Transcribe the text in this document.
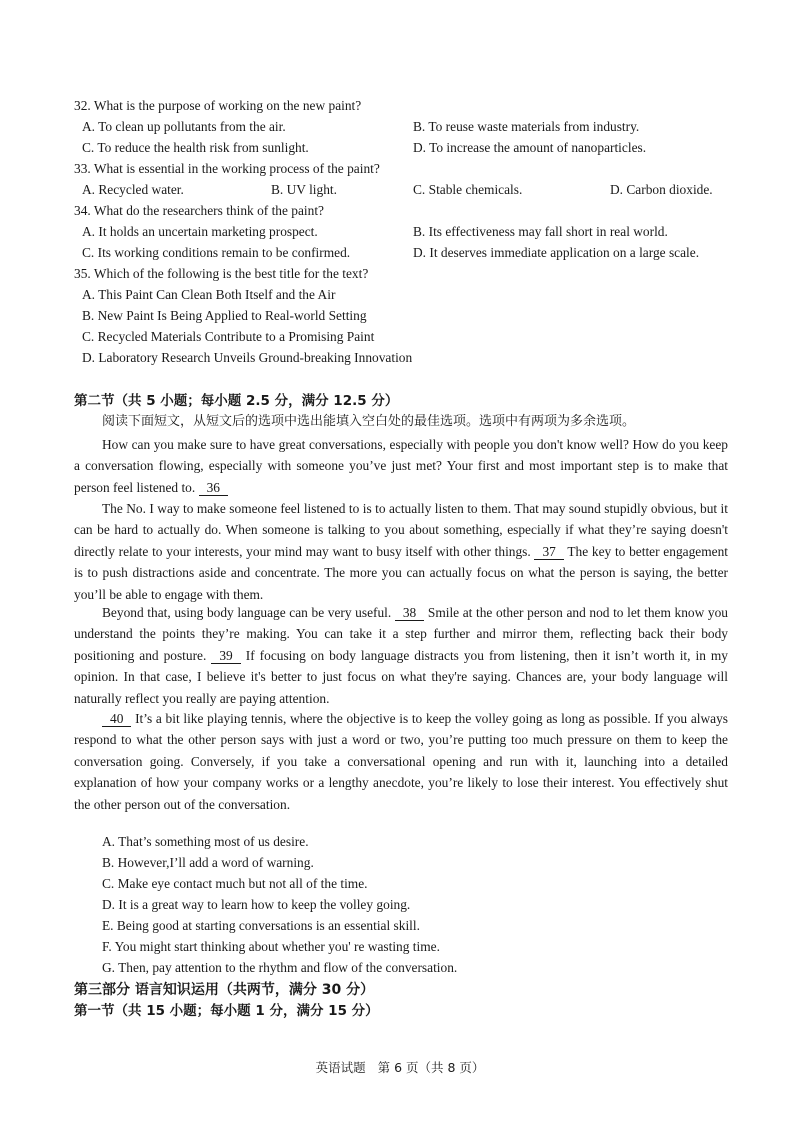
32. What is the purpose of working on the new paint?
A. To clean up pollutants from the air.	B. To reuse waste materials from industry.
C. To reduce the health risk from sunlight.	D. To increase the amount of nanoparticles.
33. What is essential in the working process of the paint?
A. Recycled water.	B. UV light.	C. Stable chemicals.	D. Carbon dioxide.
34. What do the researchers think of the paint?
A. It holds an uncertain marketing prospect.	B. Its effectiveness may fall short in real world.
C. Its working conditions remain to be confirmed.	D. It deserves immediate application on a large scale.
35. Which of the following is the best title for the text?
A. This Paint Can Clean Both Itself and the Air
B. New Paint Is Being Applied to Real-world Setting
C. Recycled Materials Contribute to a Promising Paint
D. Laboratory Research Unveils Ground-breaking Innovation
第二节（共 5 小题；每小题 2.5 分，满分 12.5 分）
阅读下面短文，从短文后的选项中选出能填入空白处的最佳选项。选项中有两项为多余选项。
How can you make sure to have great conversations, especially with people you don't know well? How do you keep a conversation flowing, especially with someone you’ve just met? Your first and most important step is to make that person feel listened to. 36
The No. I way to make someone feel listened to is to actually listen to them. That may sound stupidly obvious, but it can be hard to actually do. When someone is talking to you about something, especially if what they’re saying doesn't directly relate to your interests, your mind may want to busy itself with other things. 37 The key to better engagement is to push distractions aside and concentrate. The more you can actually focus on what the person is saying, the better you’ll be able to engage with them.
Beyond that, using body language can be very useful. 38 Smile at the other person and nod to let them know you understand the points they’re making. You can take it a step further and mirror them, reflecting back their body positioning and posture. 39 If focusing on body language distracts you from listening, then it isn’t worth it, in my opinion. In that case, I believe it's better to just focus on what they're saying. Chances are, your body language will naturally reflect you really are paying attention.
40 It’s a bit like playing tennis, where the objective is to keep the volley going as long as possible. If you always respond to what the other person says with just a word or two, you’re putting too much pressure on them to keep the conversation going. Conversely, if you take a conversational opening and run with it, launching into a detailed explanation of how your company works or a lengthy anecdote, you’re likely to lose their interest. You effectively shut the other person out of the conversation.
A. That’s something most of us desire.
B. However,I’ll add a word of warning.
C. Make eye contact much but not all of the time.
D. It is a great way to learn how to keep the volley going.
E. Being good at starting conversations is an essential skill.
F. You might start thinking about whether you' re wasting time.
G. Then, pay attention to the rhythm and flow of the conversation.
第三部分 语言知识运用（共两节，满分 30 分）
第一节（共 15 小题；每小题 1 分，满分 15 分）
英语试题 第 6 页（共 8 页）
